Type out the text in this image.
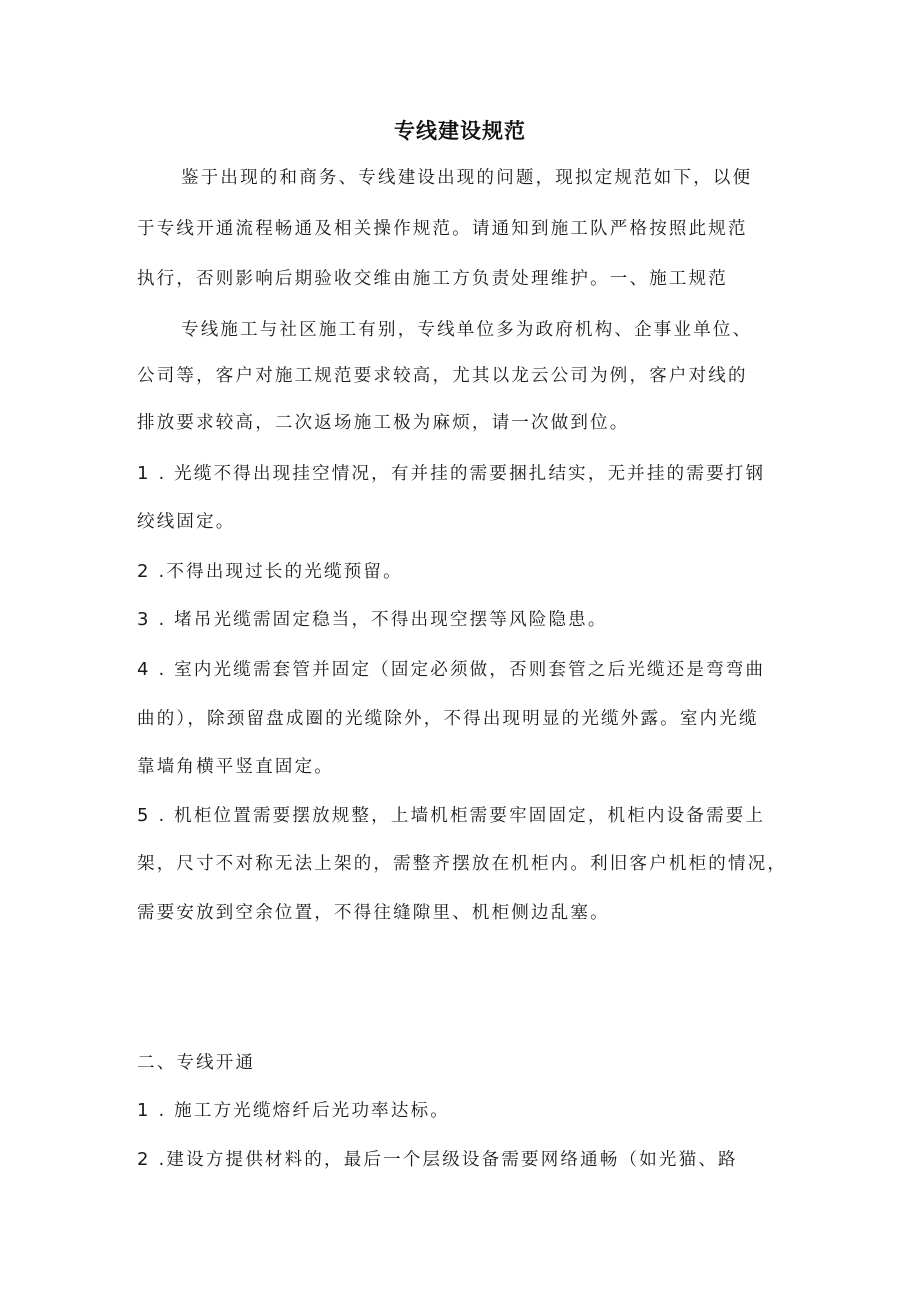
专线建设规范
鉴于出现的和商务、专线建设出现的问题，现拟定规范如下，以便
于专线开通流程畅通及相关操作规范。请通知到施工队严格按照此规范
执行，否则影响后期验收交维由施工方负责处理维护。一、施工规范
专线施工与社区施工有别，专线单位多为政府机构、企事业单位、
公司等，客户对施工规范要求较高，尤其以龙云公司为例，客户对线的
排放要求较高，二次返场施工极为麻烦，请一次做到位。
1 . 光缆不得出现挂空情况，有并挂的需要捆扎结实，无并挂的需要打钢
绞线固定。
2 .不得出现过长的光缆预留。
3 . 堵吊光缆需固定稳当，不得出现空摆等风险隐患。
4 . 室内光缆需套管并固定（固定必须做，否则套管之后光缆还是弯弯曲
曲的），除颈留盘成圈的光缆除外，不得出现明显的光缆外露。室内光缆
靠墙角横平竖直固定。
5 . 机柜位置需要摆放规整，上墙机柜需要牢固固定，机柜内设备需要上
架，尺寸不对称无法上架的，需整齐摆放在机柜内。利旧客户机柜的情况，
需要安放到空余位置，不得往缝隙里、机柜侧边乱塞。
二、专线开通
1 . 施工方光缆熔纤后光功率达标。
2 .建设方提供材料的，最后一个层级设备需要网络通畅（如光猫、路
